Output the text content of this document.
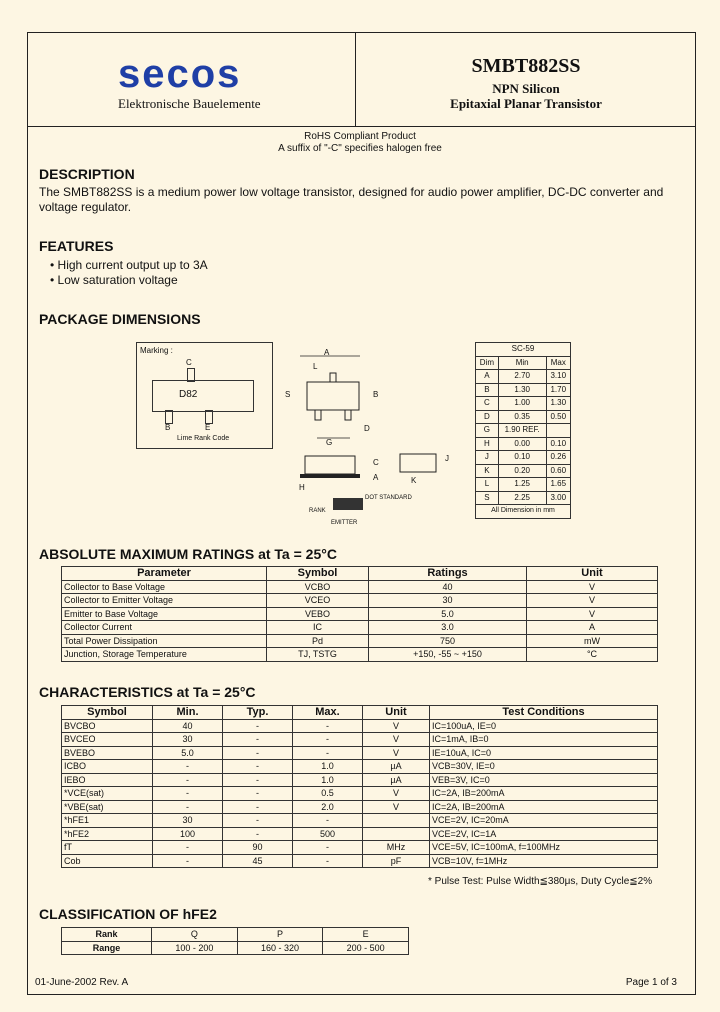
SMBT882SS
NPN Silicon
Epitaxial Planar Transistor
secos
Elektronische Bauelemente
RoHS Compliant Product
A suffix of "-C" specifies halogen free
DESCRIPTION
The SMBT882SS is a medium power low voltage transistor, designed for audio power amplifier, DC-DC converter and voltage regulator.
FEATURES
• High current output up to 3A
• Low saturation voltage
PACKAGE DIMENSIONS
Marking :
C
D82
B	E
Lime Rank Code
A
L
S	B
G
D
C
A
H
K
J
DOT STANDARD
RANK
EMITTER
SC-59		
Dim	Min	Max
A	2.70	3.10
B	1.30	1.70
C	1.00	1.30
D	0.35	0.50
G	1.90 REF.	
H	0.00	0.10
J	0.10	0.26
K	0.20	0.60
L	1.25	1.65
S	2.25	3.00
All Dimension in mm		
ABSOLUTE MAXIMUM RATINGS at Ta = 25°C
Parameter	Symbol	Ratings	Unit
Collector to Base Voltage	VCBO	40	V
Collector to Emitter Voltage	VCEO	30	V
Emitter to Base Voltage	VEBO	5.0	V
Collector Current	IC	3.0	A
Total Power Dissipation	Pd	750	mW
Junction, Storage Temperature	TJ, TSTG	+150, -55 ~ +150	°C
CHARACTERISTICS at Ta = 25°C
Symbol	Min.	Typ.	Max.	Unit	Test Conditions
BVCBO	40	-	-	V	IC=100uA, IE=0
BVCEO	30	-	-	V	IC=1mA, IB=0
BVEBO	5.0	-	-	V	IE=10uA, IC=0
ICBO	-	-	1.0	µA	VCB=30V, IE=0
IEBO	-	-	1.0	µA	VEB=3V, IC=0
*VCE(sat)	-	-	0.5	V	IC=2A, IB=200mA
*VBE(sat)	-	-	2.0	V	IC=2A, IB=200mA
*hFE1	30	-	-		VCE=2V, IC=20mA
*hFE2	100	-	500		VCE=2V, IC=1A
fT	-	90	-	MHz	VCE=5V, IC=100mA, f=100MHz
Cob	-	45	-	pF	VCB=10V, f=1MHz
* Pulse Test: Pulse Width≦380μs, Duty Cycle≦2%
CLASSIFICATION OF hFE2
Rank	Q	P	E
Range	100 - 200	160 - 320	200 - 500
01-June-2002 Rev. A	Page 1 of 3
